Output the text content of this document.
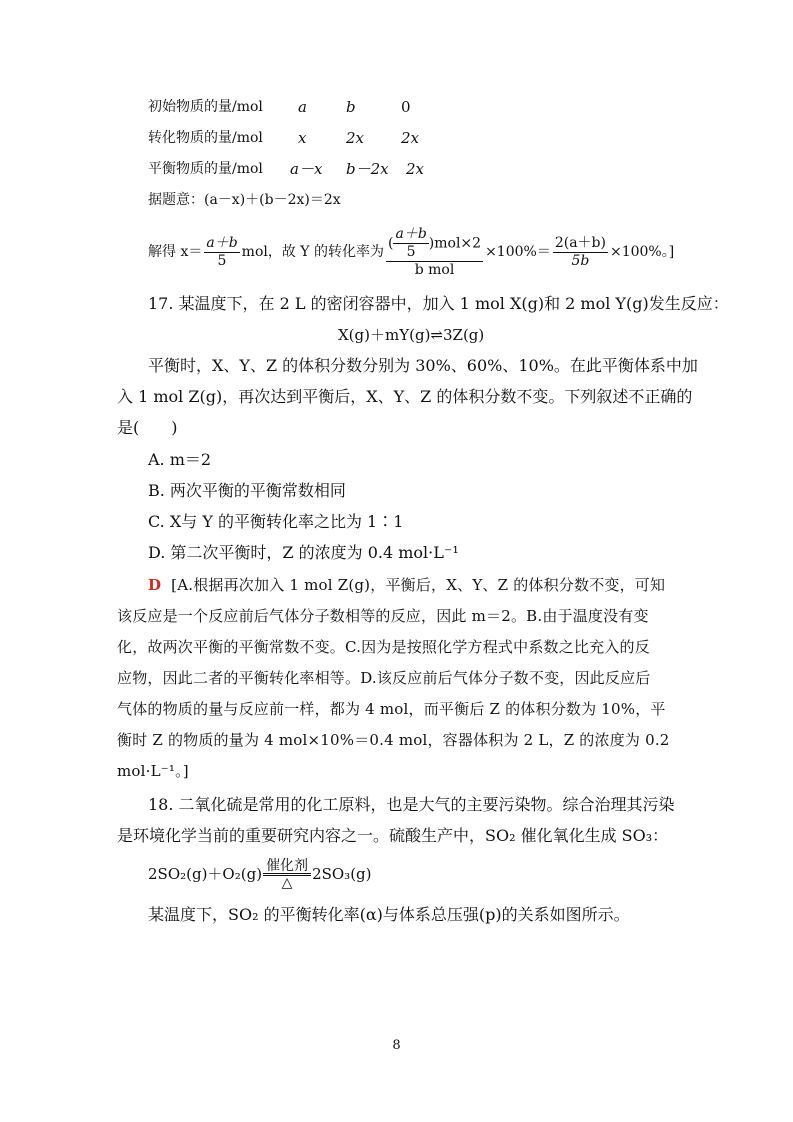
初始物质的量/mol a	b	0
转化物质的量/mol x	2x 2x
平衡物质的量/mol a－x b－2x 2x
据题意：(a－x)＋(b－2x)＝2x
解得 $x= \frac{a+b}{5}$ mol，故 Y 的转化率为 $\frac{( \frac{a+b}{5} )mol\times 2}{\text{b mol}} \times 100\%= \frac{2(a+b)}{5b} \times 100\%$。]
17. 某温度下，在 2 L 的密闭容器中，加入 1 mol X(g)和 2 mol Y(g)发生反应：
X(g)＋mY(g)⇌3Z(g)
平衡时，X、Y、Z 的体积分数分别为 30%、60%、10%。在此平衡体系中加
入 1 mol Z(g)，再次达到平衡后，X、Y、Z 的体积分数不变。下列叙述不正确的
是(　　)
A. m＝2
B. 两次平衡的平衡常数相同
C. X与 Y 的平衡转化率之比为 1∶1
D. 第二次平衡时，Z 的浓度为 0.4 mol·L⁻¹
D [A.根据再次加入 1 mol Z(g)，平衡后，X、Y、Z 的体积分数不变，可知
该反应是一个反应前后气体分子数相等的反应，因此 m＝2。B.由于温度没有变
化，故两次平衡的平衡常数不变。C.因为是按照化学方程式中系数之比充入的反
应物，因此二者的平衡转化率相等。D.该反应前后气体分子数不变，因此反应后
气体的物质的量与反应前一样，都为 4 mol，而平衡后 Z 的体积分数为 10%，平
衡时 Z 的物质的量为 4 mol×10%＝0.4 mol，容器体积为 2 L，Z 的浓度为 0.2
mol·L⁻¹。]
18. 二氧化硫是常用的化工原料，也是大气的主要污染物。综合治理其污染
是环境化学当前的重要研究内容之一。硫酸生产中，SO₂ 催化氧化生成 SO₃：
2SO₂(g)＋O₂(g) 催化剂
△ 2SO₃(g)
某温度下，SO₂ 的平衡转化率(α)与体系总压强(p)的关系如图所示。
8
